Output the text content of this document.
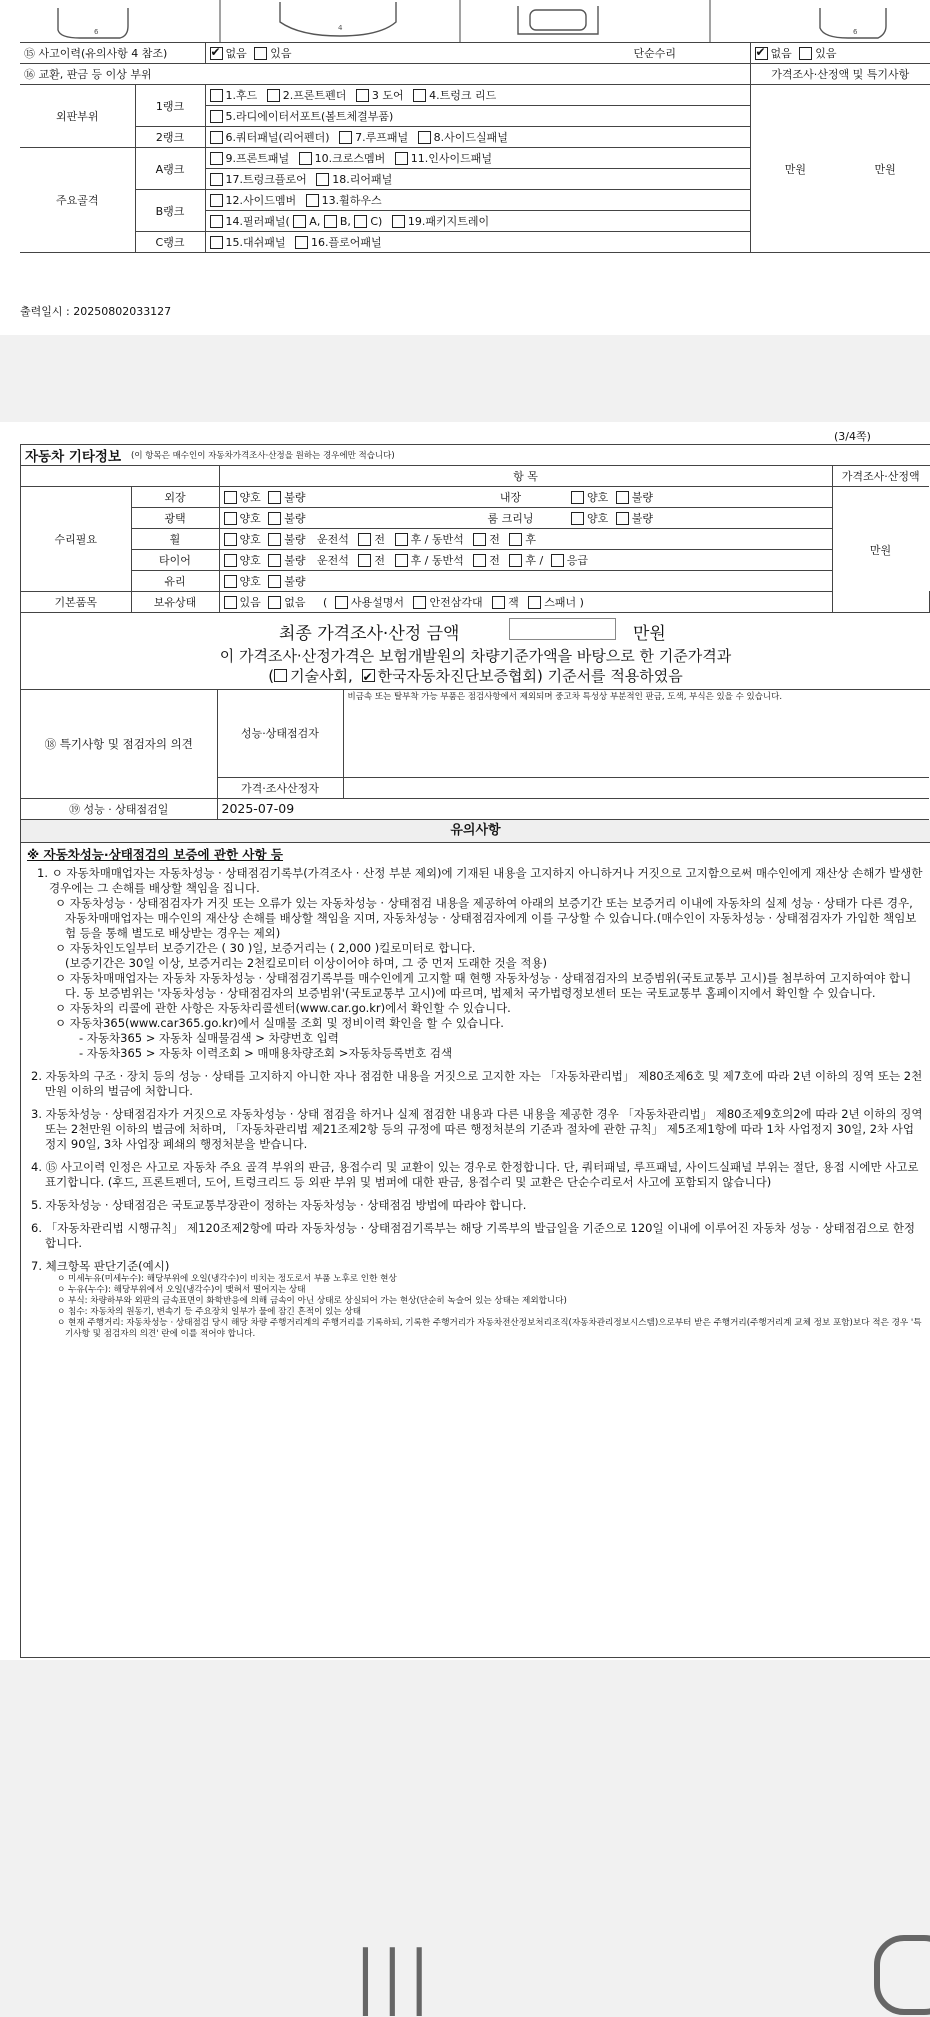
6	4	6
⑮ 사고이력(유의사항 4 참조)	✔없음 있음	단순수리	✔없음 있음
⑯ 교환, 판금 등 이상 부위				가격조사·산정액 및 특기사항
외판부위	1랭크	1.후드 2.프론트펜더 3 도어 4.트렁크 리드		만원 만원

		5.라디에이터서포트(볼트체결부품)		
	2랭크	6.쿼터패널(리어펜더) 7.루프패널 8.사이드실패널		
주요골격	A랭크	9.프론트패널 10.크로스멤버 11.인사이드패널		
		17.트렁크플로어 18.리어패널		
	B랭크	12.사이드멤버 13.휠하우스		
		14.필러패널( A, B, C) 19.패키지트레이		
	C랭크	15.대쉬패널 16.플로어패널		
출력일시 : 20250802033127
(3/4쪽)
자동차 기타정보 (이 항목은 매수인이 자동차가격조사·산정을 원하는 경우에만 적습니다)
		항 목			가격조사·산정액	
수리필요	외장	양호 불량	내장	양호 불량	만원	
	광택	양호 불량	룸 크리닝	양호 불량		
	휠	양호 불량 운전석 전 후 / 동반석 전 후				
	타이어	양호 불량 운전석 전 후 / 동반석 전 후 / 응급				
	유리	양호 불량				
기본품목	보유상태	있음 없음 ( 사용설명서 안전삼각대 잭 스패너 )				
최종 가격조사·산정 금액	만원
이 가격조사·산정가격은 보험개발원의 차량기준가액을 바탕으로 한 기준가격과
( 기술사회, ✔ 한국자동차진단보증협회) 기준서를 적용하였음
⑱ 특기사항 및 점검자의 의견	성능·상태점검자	비금속 또는 탈부착 가능 부품은 점검사항에서 제외되며 중고차 특성상 부분적인 판금, 도색, 부식은 있을 수 있습니다.
	가격·조사산정자	
⑲ 성능 · 상태점검일	2025-07-09	
유의사항

※ 자동차성능·상태점검의 보증에 관한 사항 등

1. ㅇ 자동차매매업자는 자동차성능 · 상태점검기록부(가격조사 · 산정 부분 제외)에 기재된 내용을 고지하지 아니하거나 거짓으로 고지함으로써 매수인에게 재산상 손해가 발생한 경우에는 그 손해를 배상할 책임을 집니다.

ㅇ 자동차성능 · 상태점검자가 거짓 또는 오류가 있는 자동차성능 · 상태점검 내용을 제공하여 아래의 보증기간 또는 보증거리 이내에 자동차의 실제 성능 · 상태가 다른 경우, 자동차매매업자는 매수인의 재산상 손해를 배상할 책임을 지며, 자동차성능 · 상태점검자에게 이를 구상할 수 있습니다.(매수인이 자동차성능 · 상태점검자가 가입한 책임보험 등을 통해 별도로 배상받는 경우는 제외)

ㅇ 자동차인도일부터 보증기간은 ( 30 )일, 보증거리는 ( 2,000 )킬로미터로 합니다.

(보증기간은 30일 이상, 보증거리는 2천킬로미터 이상이어야 하며, 그 중 먼저 도래한 것을 적용)

ㅇ 자동차매매업자는 자동차 자동차성능 · 상태점검기록부를 매수인에게 고지할 때 현행 자동차성능 · 상태점검자의 보증범위(국토교통부 고시)를 첨부하여 고지하여야 합니다. 동 보증범위는 '자동차성능 · 상태점검자의 보증범위'(국토교통부 고시)에 따르며, 법제처 국가법령정보센터 또는 국토교통부 홈페이지에서 확인할 수 있습니다.

ㅇ 자동차의 리콜에 관한 사항은 자동차리콜센터(www.car.go.kr)에서 확인할 수 있습니다.

ㅇ 자동차365(www.car365.go.kr)에서 실매물 조회 및 정비이력 확인을 할 수 있습니다.

- 자동차365 > 자동차 실매물검색 > 차량번호 입력

- 자동차365 > 자동차 이력조회 > 매매용차량조회 >자동차등록번호 검색

2. 자동차의 구조 · 장치 등의 성능 · 상태를 고지하지 아니한 자나 점검한 내용을 거짓으로 고지한 자는 「자동차관리법」 제80조제6호 및 제7호에 따라 2년 이하의 징역 또는 2천만원 이하의 벌금에 처합니다.

3. 자동차성능 · 상태점검자가 거짓으로 자동차성능 · 상태 점검을 하거나 실제 점검한 내용과 다른 내용을 제공한 경우 「자동차관리법」 제80조제9호의2에 따라 2년 이하의 징역 또는 2천만원 이하의 벌금에 처하며, 「자동차관리법 제21조제2항 등의 규정에 따른 행정처분의 기준과 절차에 관한 규칙」 제5조제1항에 따라 1차 사업정지 30일, 2차 사업정지 90일, 3차 사업장 폐쇄의 행정처분을 받습니다.

4. ⑮ 사고이력 인정은 사고로 자동차 주요 골격 부위의 판금, 용접수리 및 교환이 있는 경우로 한정합니다. 단, 쿼터패널, 루프패널, 사이드실패널 부위는 절단, 용접 시에만 사고로 표기합니다. (후드, 프론트펜더, 도어, 트렁크리드 등 외판 부위 및 범퍼에 대한 판금, 용접수리 및 교환은 단순수리로서 사고에 포함되지 않습니다)

5. 자동차성능 · 상태점검은 국토교통부장관이 정하는 자동차성능 · 상태점검 방법에 따라야 합니다.

6. 「자동차관리법 시행규칙」 제120조제2항에 따라 자동차성능 · 상태점검기록부는 해당 기록부의 발급일을 기준으로 120일 이내에 이루어진 자동차 성능 · 상태점검으로 한정합니다.

7. 체크항목 판단기준(예시)

ㅇ 미세누유(미세누수): 해당부위에 오일(냉각수)이 비치는 정도로서 부품 노후로 인한 현상

ㅇ 누유(누수): 해당부위에서 오일(냉각수)이 맺혀서 떨어지는 상태

ㅇ 부식: 차량하부와 외판의 금속표면이 화학반응에 의해 금속이 아닌 상태로 상실되어 가는 현상(단순히 녹슬어 있는 상태는 제외합니다)

ㅇ 침수: 자동차의 원동기, 변속기 등 주요장치 일부가 물에 잠긴 흔적이 있는 상태

ㅇ 현재 주행거리: 자동차성능 · 상태점검 당시 해당 차량 주행거리계의 주행거리를 기록하되, 기록한 주행거리가 자동차전산정보처리조직(자동차관리정보시스템)으로부터 받은 주행거리(주행거리계 교체 정보 포함)보다 적은 경우 '특기사항 및 점검자의 의견' 란에 이를 적어야 합니다.

|||
